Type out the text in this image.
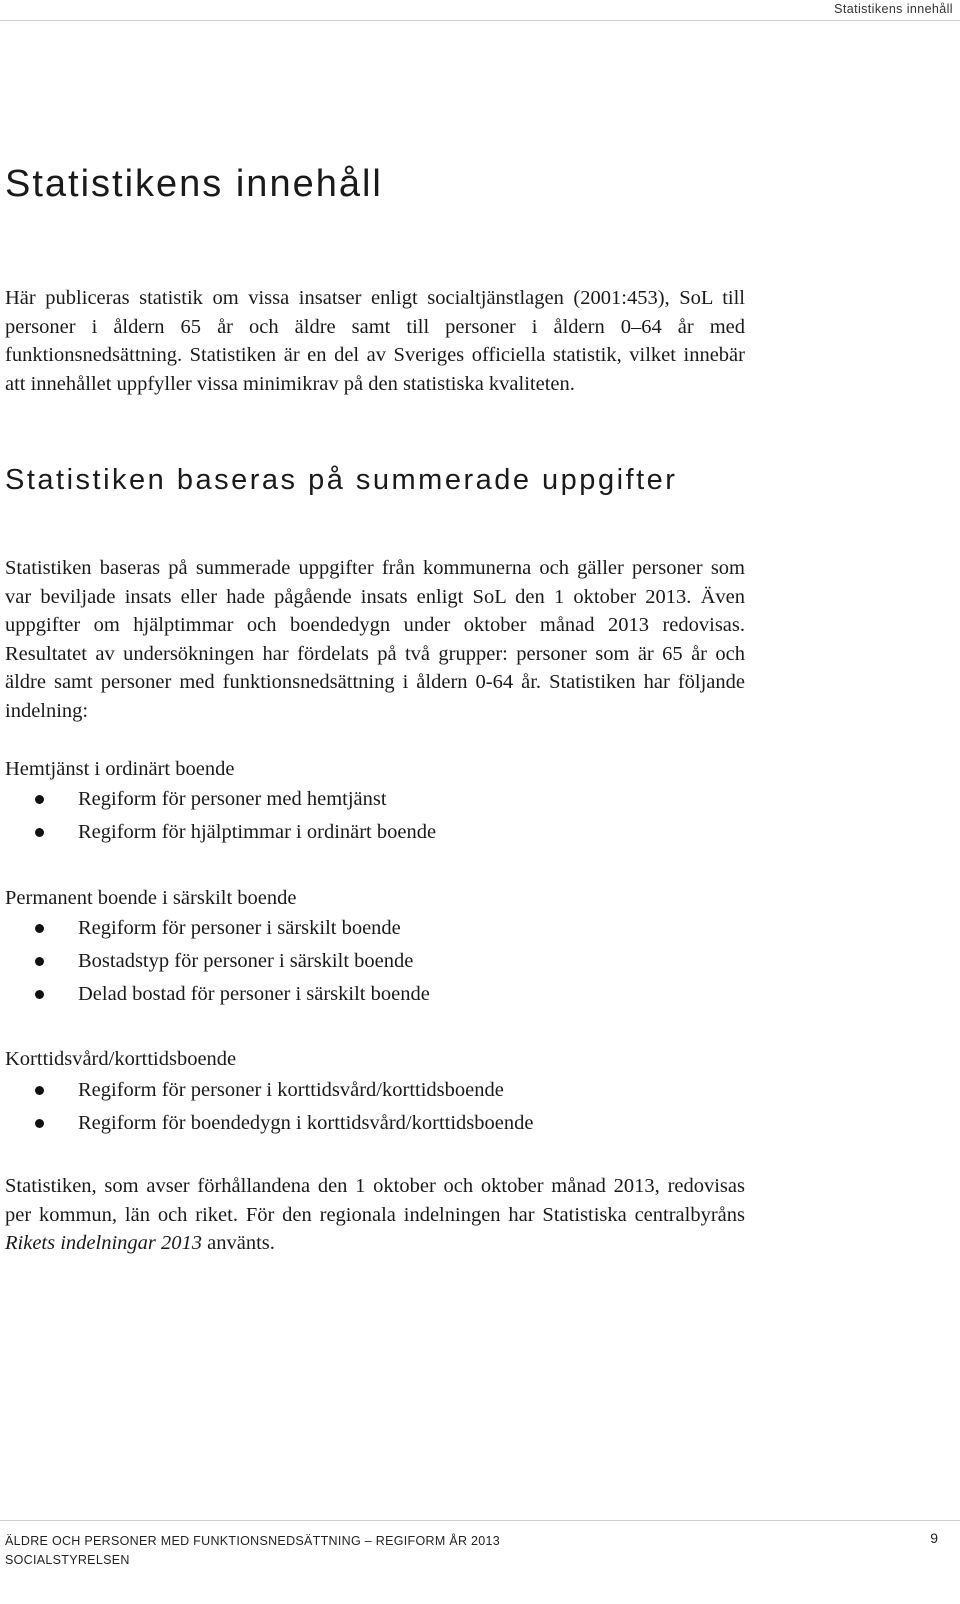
Statistikens innehåll
Statistikens innehåll

Här publiceras statistik om vissa insatser enligt socialtjänstlagen (2001:453), SoL till personer i åldern 65 år och äldre samt till personer i åldern 0–64 år med funktionsnedsättning. Statistiken är en del av Sveriges officiella statistik, vilket innebär att innehållet uppfyller vissa minimikrav på den statistiska kvaliteten.

Statistiken baseras på summerade uppgifter

Statistiken baseras på summerade uppgifter från kommunerna och gäller personer som var beviljade insats eller hade pågående insats enligt SoL den 1 oktober 2013. Även uppgifter om hjälptimmar och boendedygn under oktober månad 2013 redovisas. Resultatet av undersökningen har fördelats på två grupper: personer som är 65 år och äldre samt personer med funktionsnedsättning i åldern 0-64 år. Statistiken har följande indelning:

Hemtjänst i ordinärt boende
Regiform för personer med hemtjänst
Regiform för hjälptimmar i ordinärt boende
Permanent boende i särskilt boende
Regiform för personer i särskilt boende
Bostadstyp för personer i särskilt boende
Delad bostad för personer i särskilt boende
Korttidsvård/korttidsboende
Regiform för personer i korttidsvård/korttidsboende
Regiform för boendedygn i korttidsvård/korttidsboende

Statistiken, som avser förhållandena den 1 oktober och oktober månad 2013, redovisas per kommun, län och riket. För den regionala indelningen har Statistiska centralbyråns Rikets indelningar 2013 använts.

ÄLDRE OCH PERSONER MED FUNKTIONSNEDSÄTTNING – REGIFORM ÅR 2013
SOCIALSTYRELSEN
9
